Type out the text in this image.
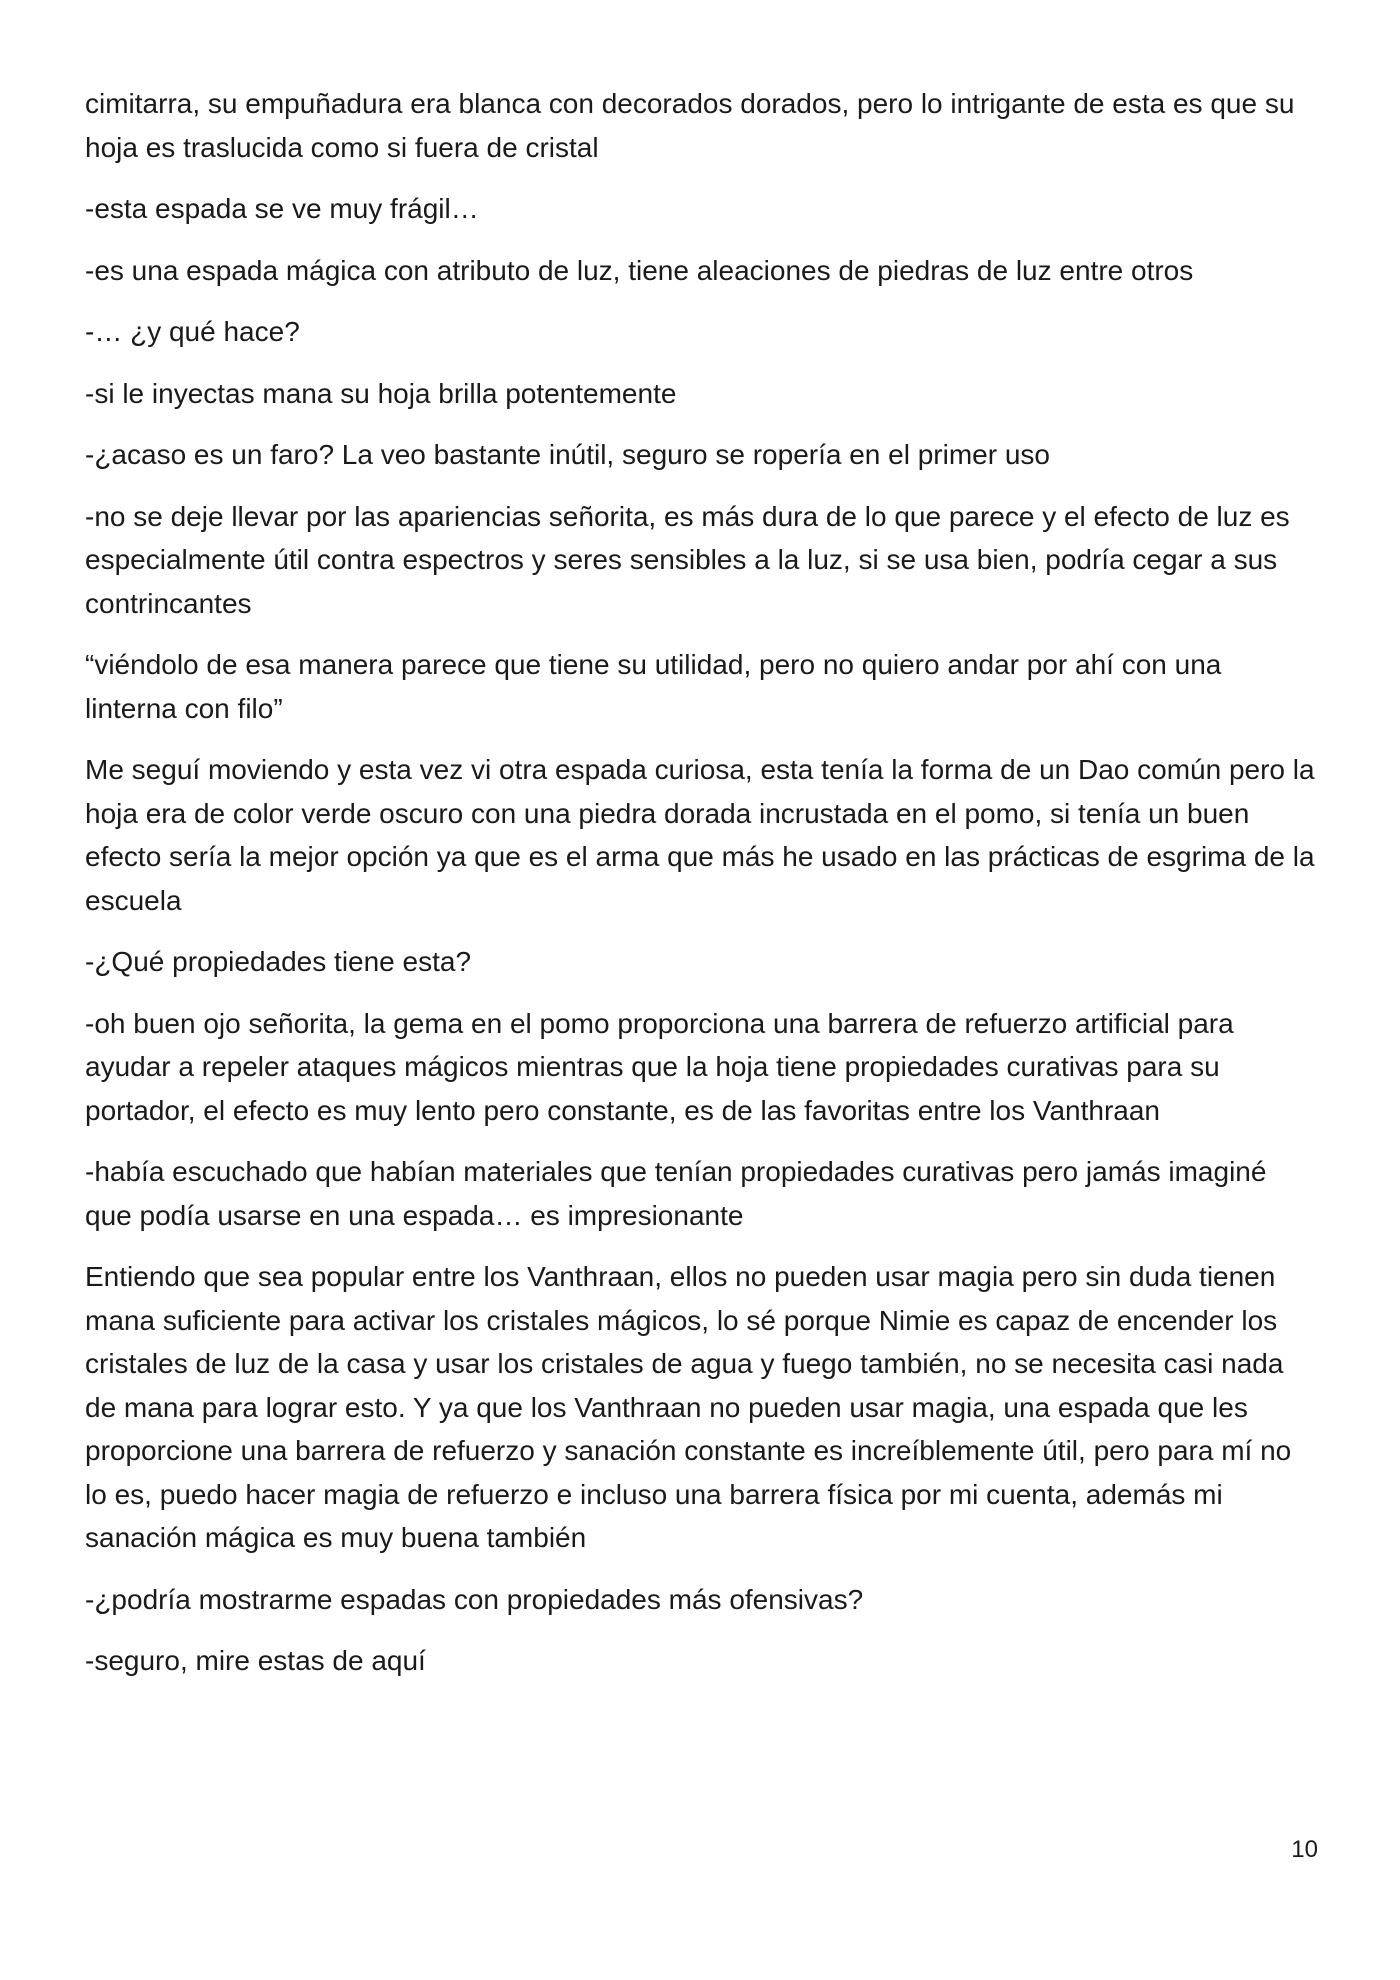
cimitarra, su empuñadura era blanca con decorados dorados, pero lo intrigante de esta es que su hoja es traslucida como si fuera de cristal

-esta espada se ve muy frágil…

-es una espada mágica con atributo de luz, tiene aleaciones de piedras de luz entre otros

-… ¿y qué hace?

-si le inyectas mana su hoja brilla potentemente

-¿acaso es un faro? La veo bastante inútil, seguro se ropería en el primer uso

-no se deje llevar por las apariencias señorita, es más dura de lo que parece y el efecto de luz es especialmente útil contra espectros y seres sensibles a la luz, si se usa bien, podría cegar a sus contrincantes

“viéndolo de esa manera parece que tiene su utilidad, pero no quiero andar por ahí con una linterna con filo”

Me seguí moviendo y esta vez vi otra espada curiosa, esta tenía la forma de un Dao común pero la hoja era de color verde oscuro con una piedra dorada incrustada en el pomo, si tenía un buen efecto sería la mejor opción ya que es el arma que más he usado en las prácticas de esgrima de la escuela

-¿Qué propiedades tiene esta?

-oh buen ojo señorita, la gema en el pomo proporciona una barrera de refuerzo artificial para ayudar a repeler ataques mágicos mientras que la hoja tiene propiedades curativas para su portador, el efecto es muy lento pero constante, es de las favoritas entre los Vanthraan

-había escuchado que habían materiales que tenían propiedades curativas pero jamás imaginé que podía usarse en una espada… es impresionante

Entiendo que sea popular entre los Vanthraan, ellos no pueden usar magia pero sin duda tienen mana suficiente para activar los cristales mágicos, lo sé porque Nimie es capaz de encender los cristales de luz de la casa y usar los cristales de agua y fuego también, no se necesita casi nada de mana para lograr esto. Y ya que los Vanthraan no pueden usar magia, una espada que les proporcione una barrera de refuerzo y sanación constante es increíblemente útil, pero para mí no lo es, puedo hacer magia de refuerzo e incluso una barrera física por mi cuenta, además mi sanación mágica es muy buena también

-¿podría mostrarme espadas con propiedades más ofensivas?

-seguro, mire estas de aquí

10
